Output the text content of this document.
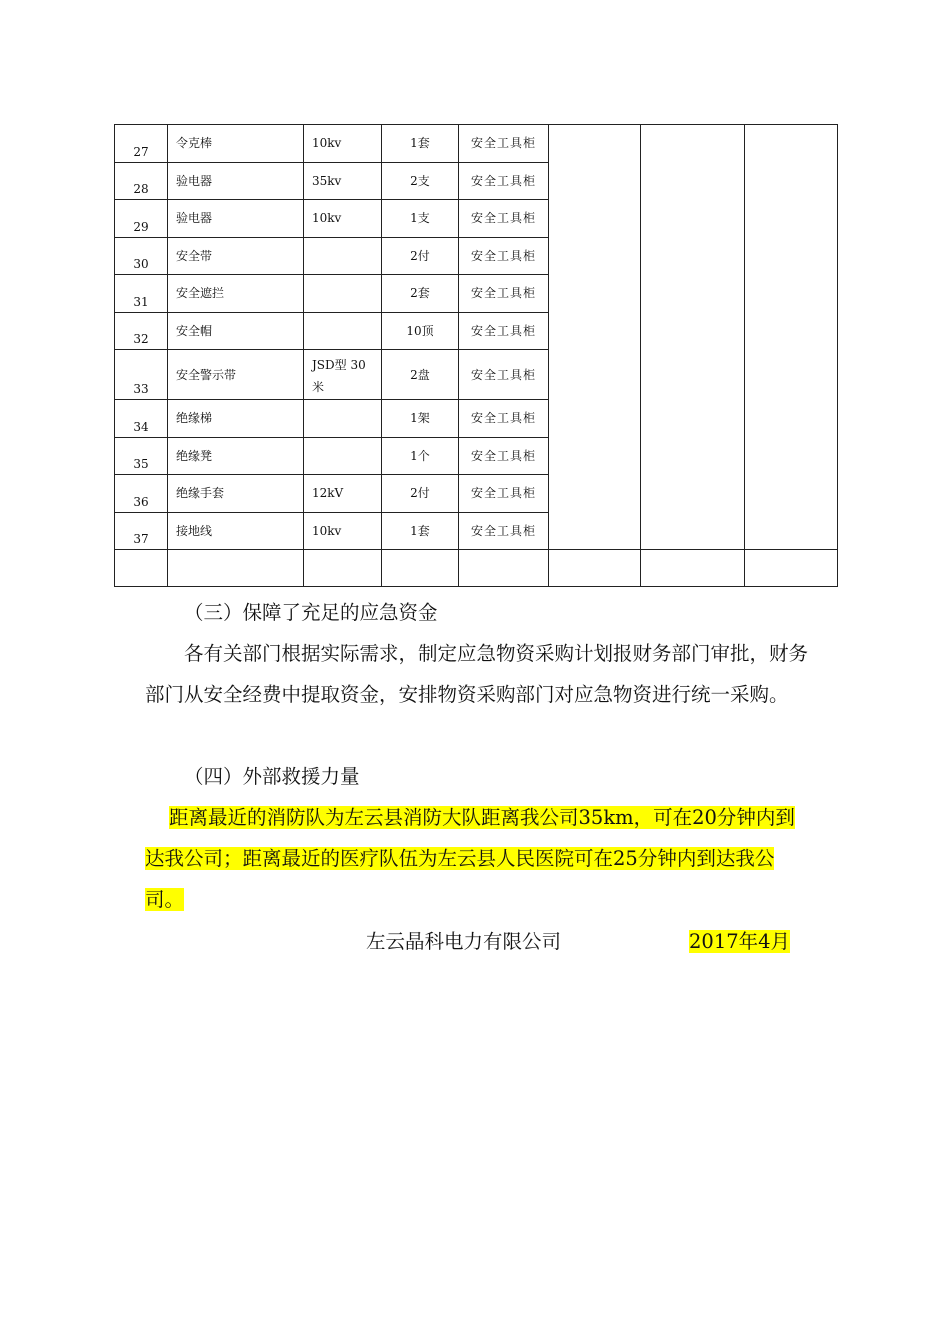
27	令克棒	10kv	1套	安全工具柜			
28	验电器	35kv	2支	安全工具柜			
29	验电器	10kv	1支	安全工具柜			
30	安全带		2付	安全工具柜			
31	安全遮拦		2套	安全工具柜			
32	安全帽		10顶	安全工具柜			
33	安全警示带	JSD型 30米	2盘	安全工具柜			
34	绝缘梯		1架	安全工具柜			
35	绝缘凳		1个	安全工具柜			
36	绝缘手套	12kV	2付	安全工具柜			
37	接地线	10kv	1套	安全工具柜			

（三）保障了充足的应急资金

各有关部门根据实际需求，制定应急物资采购计划报财务部门审批，财务部门从安全经费中提取资金，安排物资采购部门对应急物资进行统一采购。

（四）外部救援力量

距离最近的消防队为左云县消防大队距离我公司35km，可在20分钟内到达我公司；距离最近的医疗队伍为左云县人民医院可在25分钟内到达我公司。

左云晶科电力有限公司	2017年4月
